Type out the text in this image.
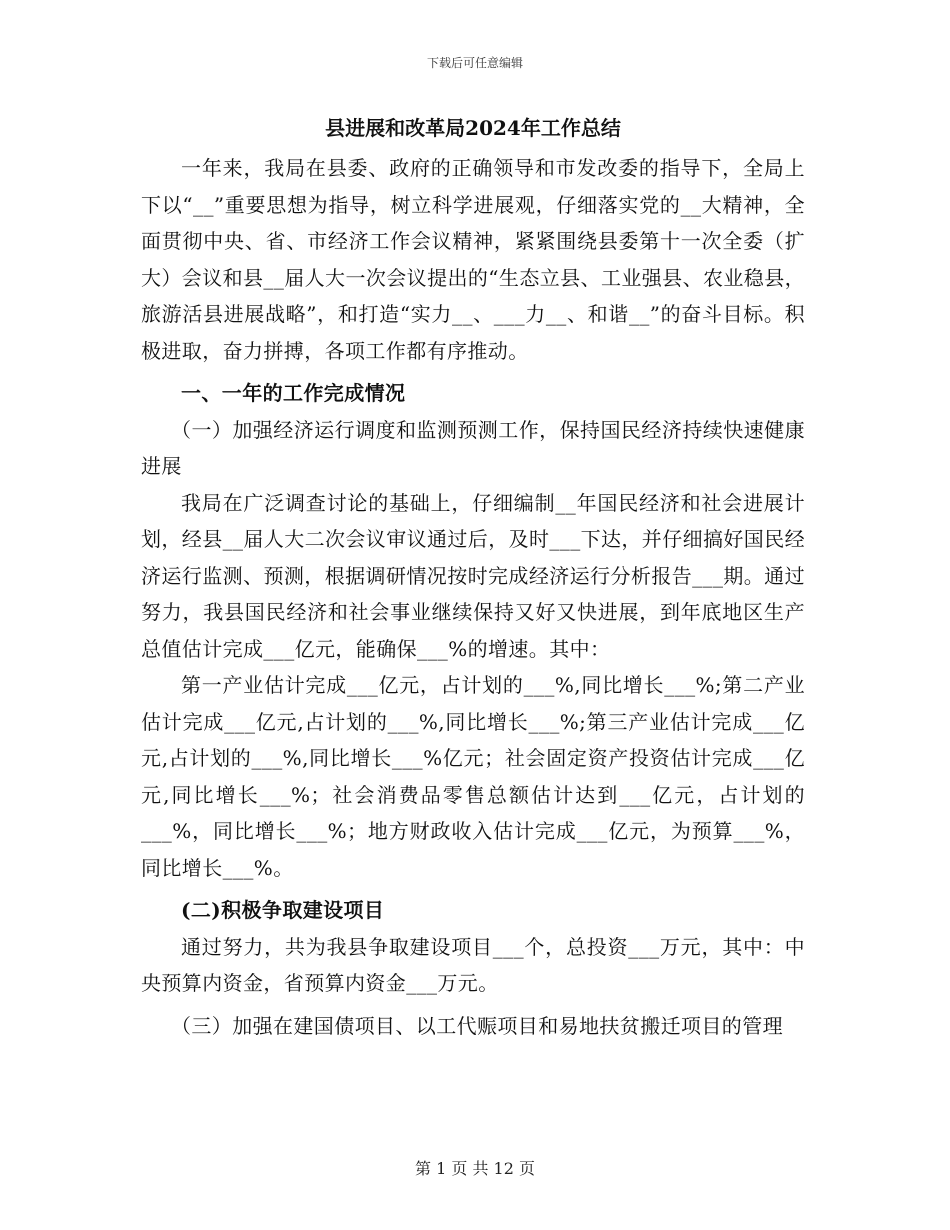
下载后可任意编辑
县进展和改革局2024年工作总结

一年来，我局在县委、政府的正确领导和市发改委的指导下，全局上下以“__”重要思想为指导，树立科学进展观，仔细落实党的__大精神，全面贯彻中央、省、市经济工作会议精神，紧紧围绕县委第十一次全委（扩大）会议和县__届人大一次会议提出的“生态立县、工业强县、农业稳县，旅游活县进展战略”，和打造“实力__、___力__、和谐__”的奋斗目标。积极进取，奋力拼搏，各项工作都有序推动。

一、一年的工作完成情况

（一）加强经济运行调度和监测预测工作，保持国民经济持续快速健康进展

我局在广泛调查讨论的基础上，仔细编制__年国民经济和社会进展计划，经县__届人大二次会议审议通过后，及时___下达，并仔细搞好国民经济运行监测、预测，根据调研情况按时完成经济运行分析报告___期。通过努力，我县国民经济和社会事业继续保持又好又快进展，到年底地区生产总值估计完成___亿元，能确保___%的增速。其中：

第一产业估计完成___亿元，占计划的___%,同比增长___%;第二产业估计完成___亿元,占计划的___%,同比增长___%;第三产业估计完成___亿元,占计划的___%,同比增长___%亿元；社会固定资产投资估计完成___亿元,同比增长___%；社会消费品零售总额估计达到___亿元，占计划的___%，同比增长___%；地方财政收入估计完成___亿元，为预算___%，同比增长___%。

(二)积极争取建设项目

通过努力，共为我县争取建设项目___个，总投资___万元，其中：中央预算内资金，省预算内资金___万元。

（三）加强在建国债项目、以工代赈项目和易地扶贫搬迁项目的管理

第 1 页 共 12 页
